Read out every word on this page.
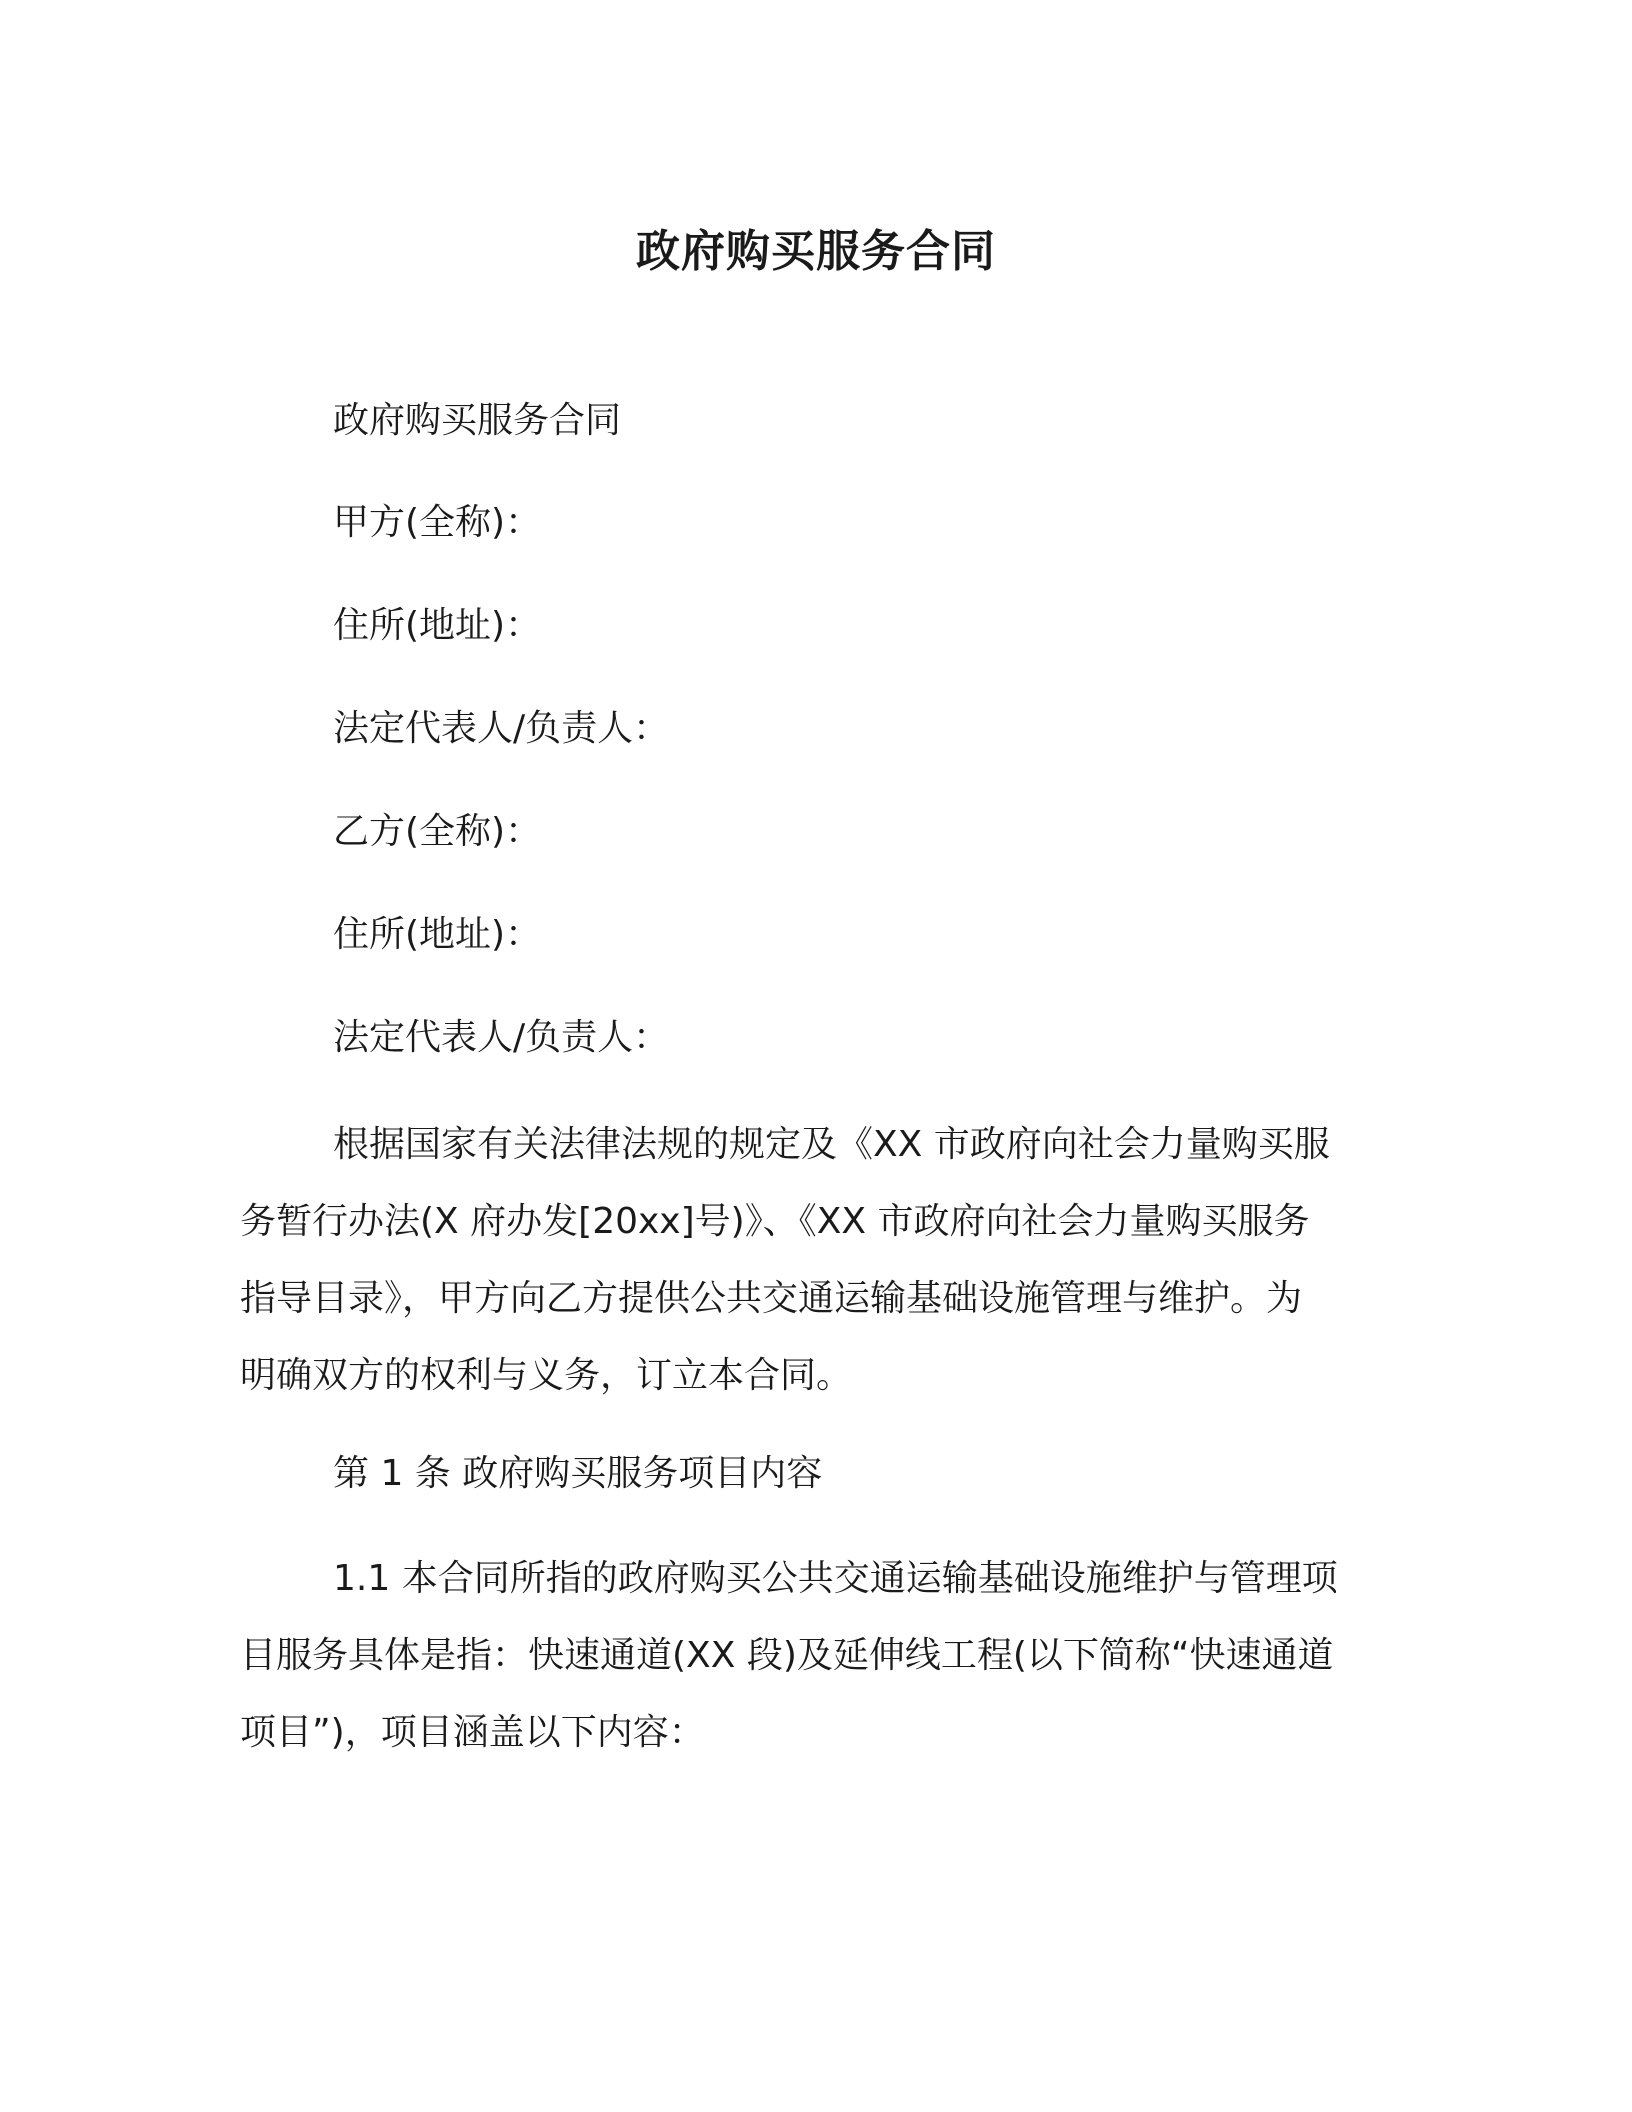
政府购买服务合同
政府购买服务合同
甲方(全称)：
住所(地址)：
法定代表人/负责人：
乙方(全称)：
住所(地址)：
法定代表人/负责人：
根据国家有关法律法规的规定及《XX 市政府向社会力量购买服
务暂行办法(X 府办发[20xx]号)》、《XX 市政府向社会力量购买服务
指导目录》，甲方向乙方提供公共交通运输基础设施管理与维护。为
明确双方的权利与义务，订立本合同。
第 1 条 政府购买服务项目内容
1.1 本合同所指的政府购买公共交通运输基础设施维护与管理项
目服务具体是指：快速通道(XX 段)及延伸线工程(以下简称“快速通道
项目”)，项目涵盖以下内容：
